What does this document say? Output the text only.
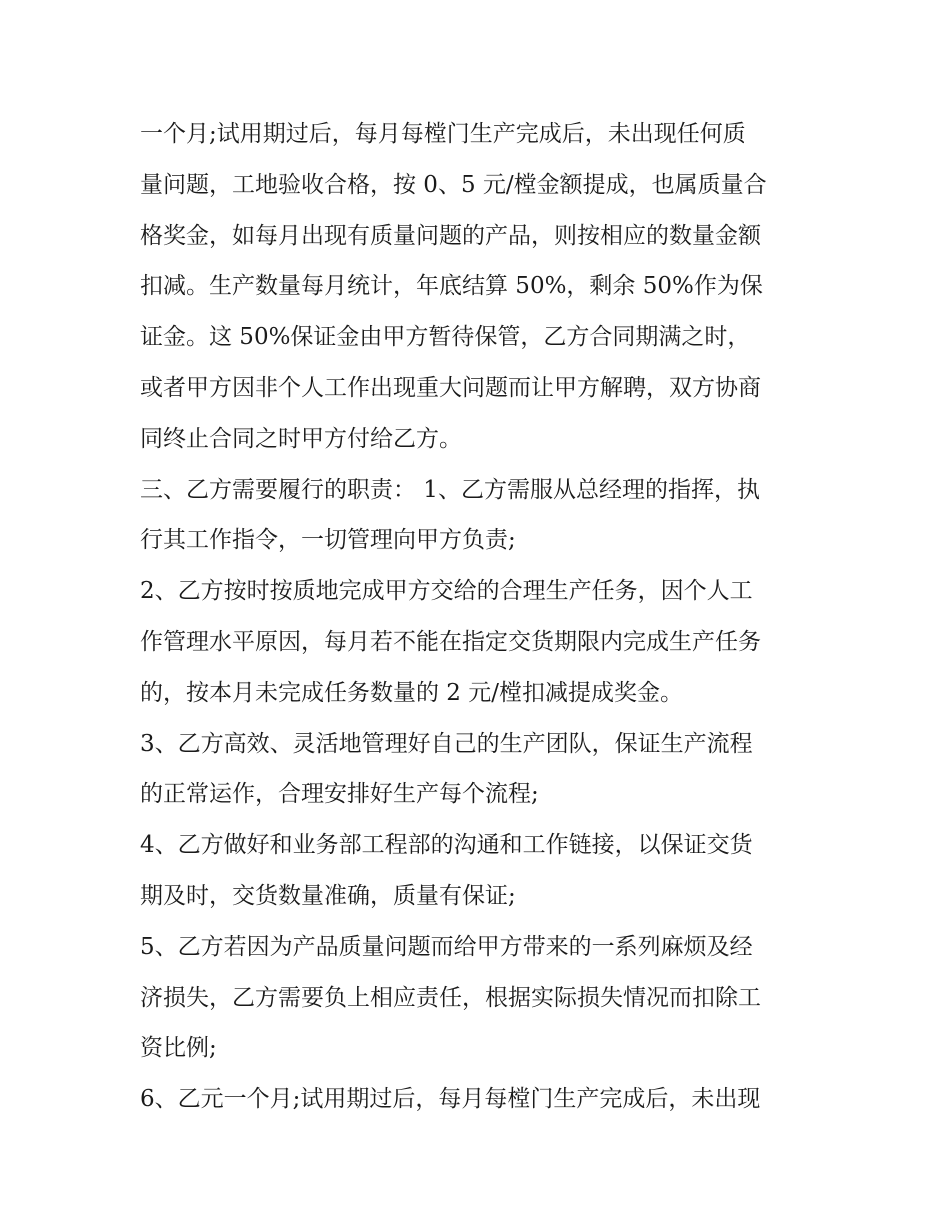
一个月;试用期过后，每月每樘门生产完成后，未出现任何质
量问题，工地验收合格，按 0、5 元/樘金额提成，也属质量合
格奖金，如每月出现有质量问题的产品，则按相应的数量金额
扣减。生产数量每月统计，年底结算 50%，剩余 50%作为保
证金。这 50%保证金由甲方暂待保管，乙方合同期满之时，
或者甲方因非个人工作出现重大问题而让甲方解聘，双方协商
同终止合同之时甲方付给乙方。
三、乙方需要履行的职责： 1、乙方需服从总经理的指挥，执
行其工作指令，一切管理向甲方负责;
2、乙方按时按质地完成甲方交给的合理生产任务，因个人工
作管理水平原因，每月若不能在指定交货期限内完成生产任务
的，按本月未完成任务数量的 2 元/樘扣减提成奖金。
3、乙方高效、灵活地管理好自己的生产团队，保证生产流程
的正常运作，合理安排好生产每个流程;
4、乙方做好和业务部工程部的沟通和工作链接，以保证交货
期及时，交货数量准确，质量有保证;
5、乙方若因为产品质量问题而给甲方带来的一系列麻烦及经
济损失，乙方需要负上相应责任，根据实际损失情况而扣除工
资比例;
6、乙元一个月;试用期过后，每月每樘门生产完成后，未出现
